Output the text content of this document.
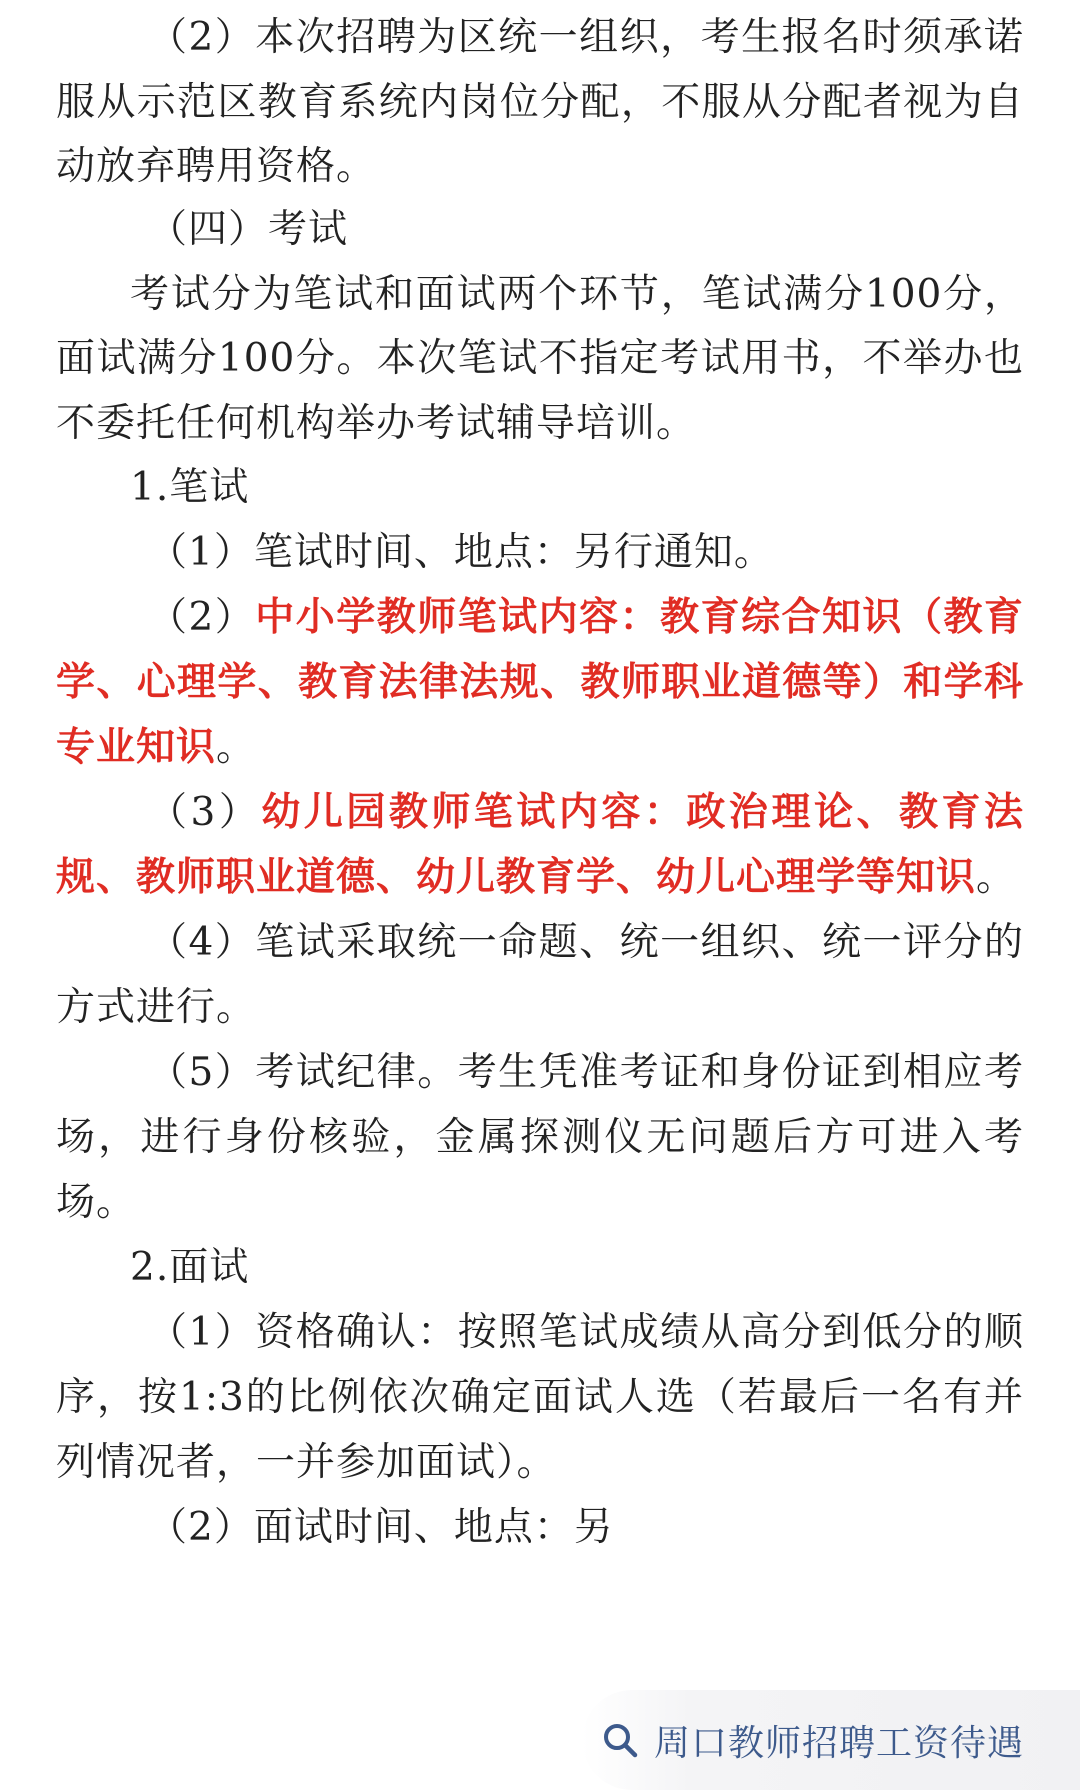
（2）本次招聘为区统一组织，考生报名时须承诺
服从示范区教育系统内岗位分配，不服从分配者视为自
动放弃聘用资格。
（四）考试
考试分为笔试和面试两个环节，笔试满分100分，
面试满分100分。本次笔试不指定考试用书，不举办也
不委托任何机构举办考试辅导培训。
1.笔试
（1）笔试时间、地点：另行通知。
（2）中小学教师笔试内容：教育综合知识（教育
学、心理学、教育法律法规、教师职业道德等）和学科
专业知识。
（3）幼儿园教师笔试内容：政治理论、教育法
规、教师职业道德、幼儿教育学、幼儿心理学等知识。
（4）笔试采取统一命题、统一组织、统一评分的
方式进行。
（5）考试纪律。考生凭准考证和身份证到相应考
场，进行身份核验，金属探测仪无问题后方可进入考
场。
2.面试
（1）资格确认：按照笔试成绩从高分到低分的顺
序，按1:3的比例依次确定面试人选（若最后一名有并
列情况者，一并参加面试）。
（2）面试时间、地点：另
周口教师招聘工资待遇
